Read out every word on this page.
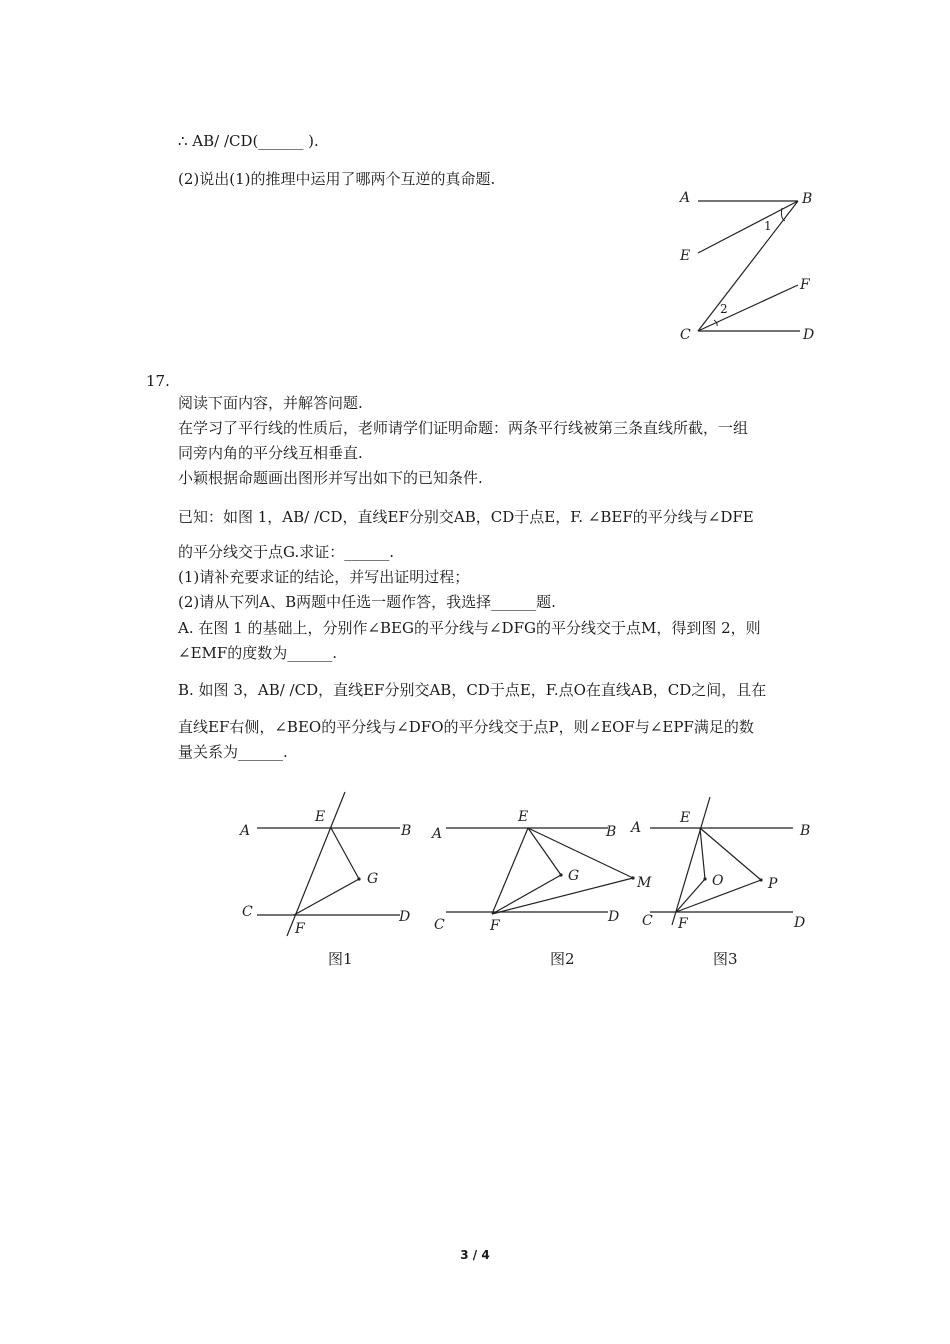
∴ AB/ /CD(______ ).
(2)说出(1)的推理中运用了哪两个互逆的真命题.
A	B
E
F
C	D
1
2
17.
阅读下面内容，并解答问题.
在学习了平行线的性质后，老师请学们证明命题：两条平行线被第三条直线所截，一组
同旁内角的平分线互相垂直.
小颖根据命题画出图形并写出如下的已知条件.
已知：如图 1，AB/ /CD，直线EF分别交AB，CD于点E，F. ∠BEF的平分线与∠DFE
的平分线交于点G.求证：______.
(1)请补充要求证的结论，并写出证明过程；
(2)请从下列A、B两题中任选一题作答，我选择______题.
A. 在图 1 的基础上，分别作∠BEG的平分线与∠DFG的平分线交于点M，得到图 2，则
∠EMF的度数为______.
B. 如图 3，AB/ /CD，直线EF分别交AB，CD于点E，F.点O在直线AB，CD之间，且在
直线EF右侧，∠BEO的平分线与∠DFO的平分线交于点P，则∠EOF与∠EPF满足的数
量关系为______.
A
E
B
G
C
F
D
图1
A
E
B
G	M
C	F
D
图2
A
E
B
O	P
C F	D
图3
3 / 4
